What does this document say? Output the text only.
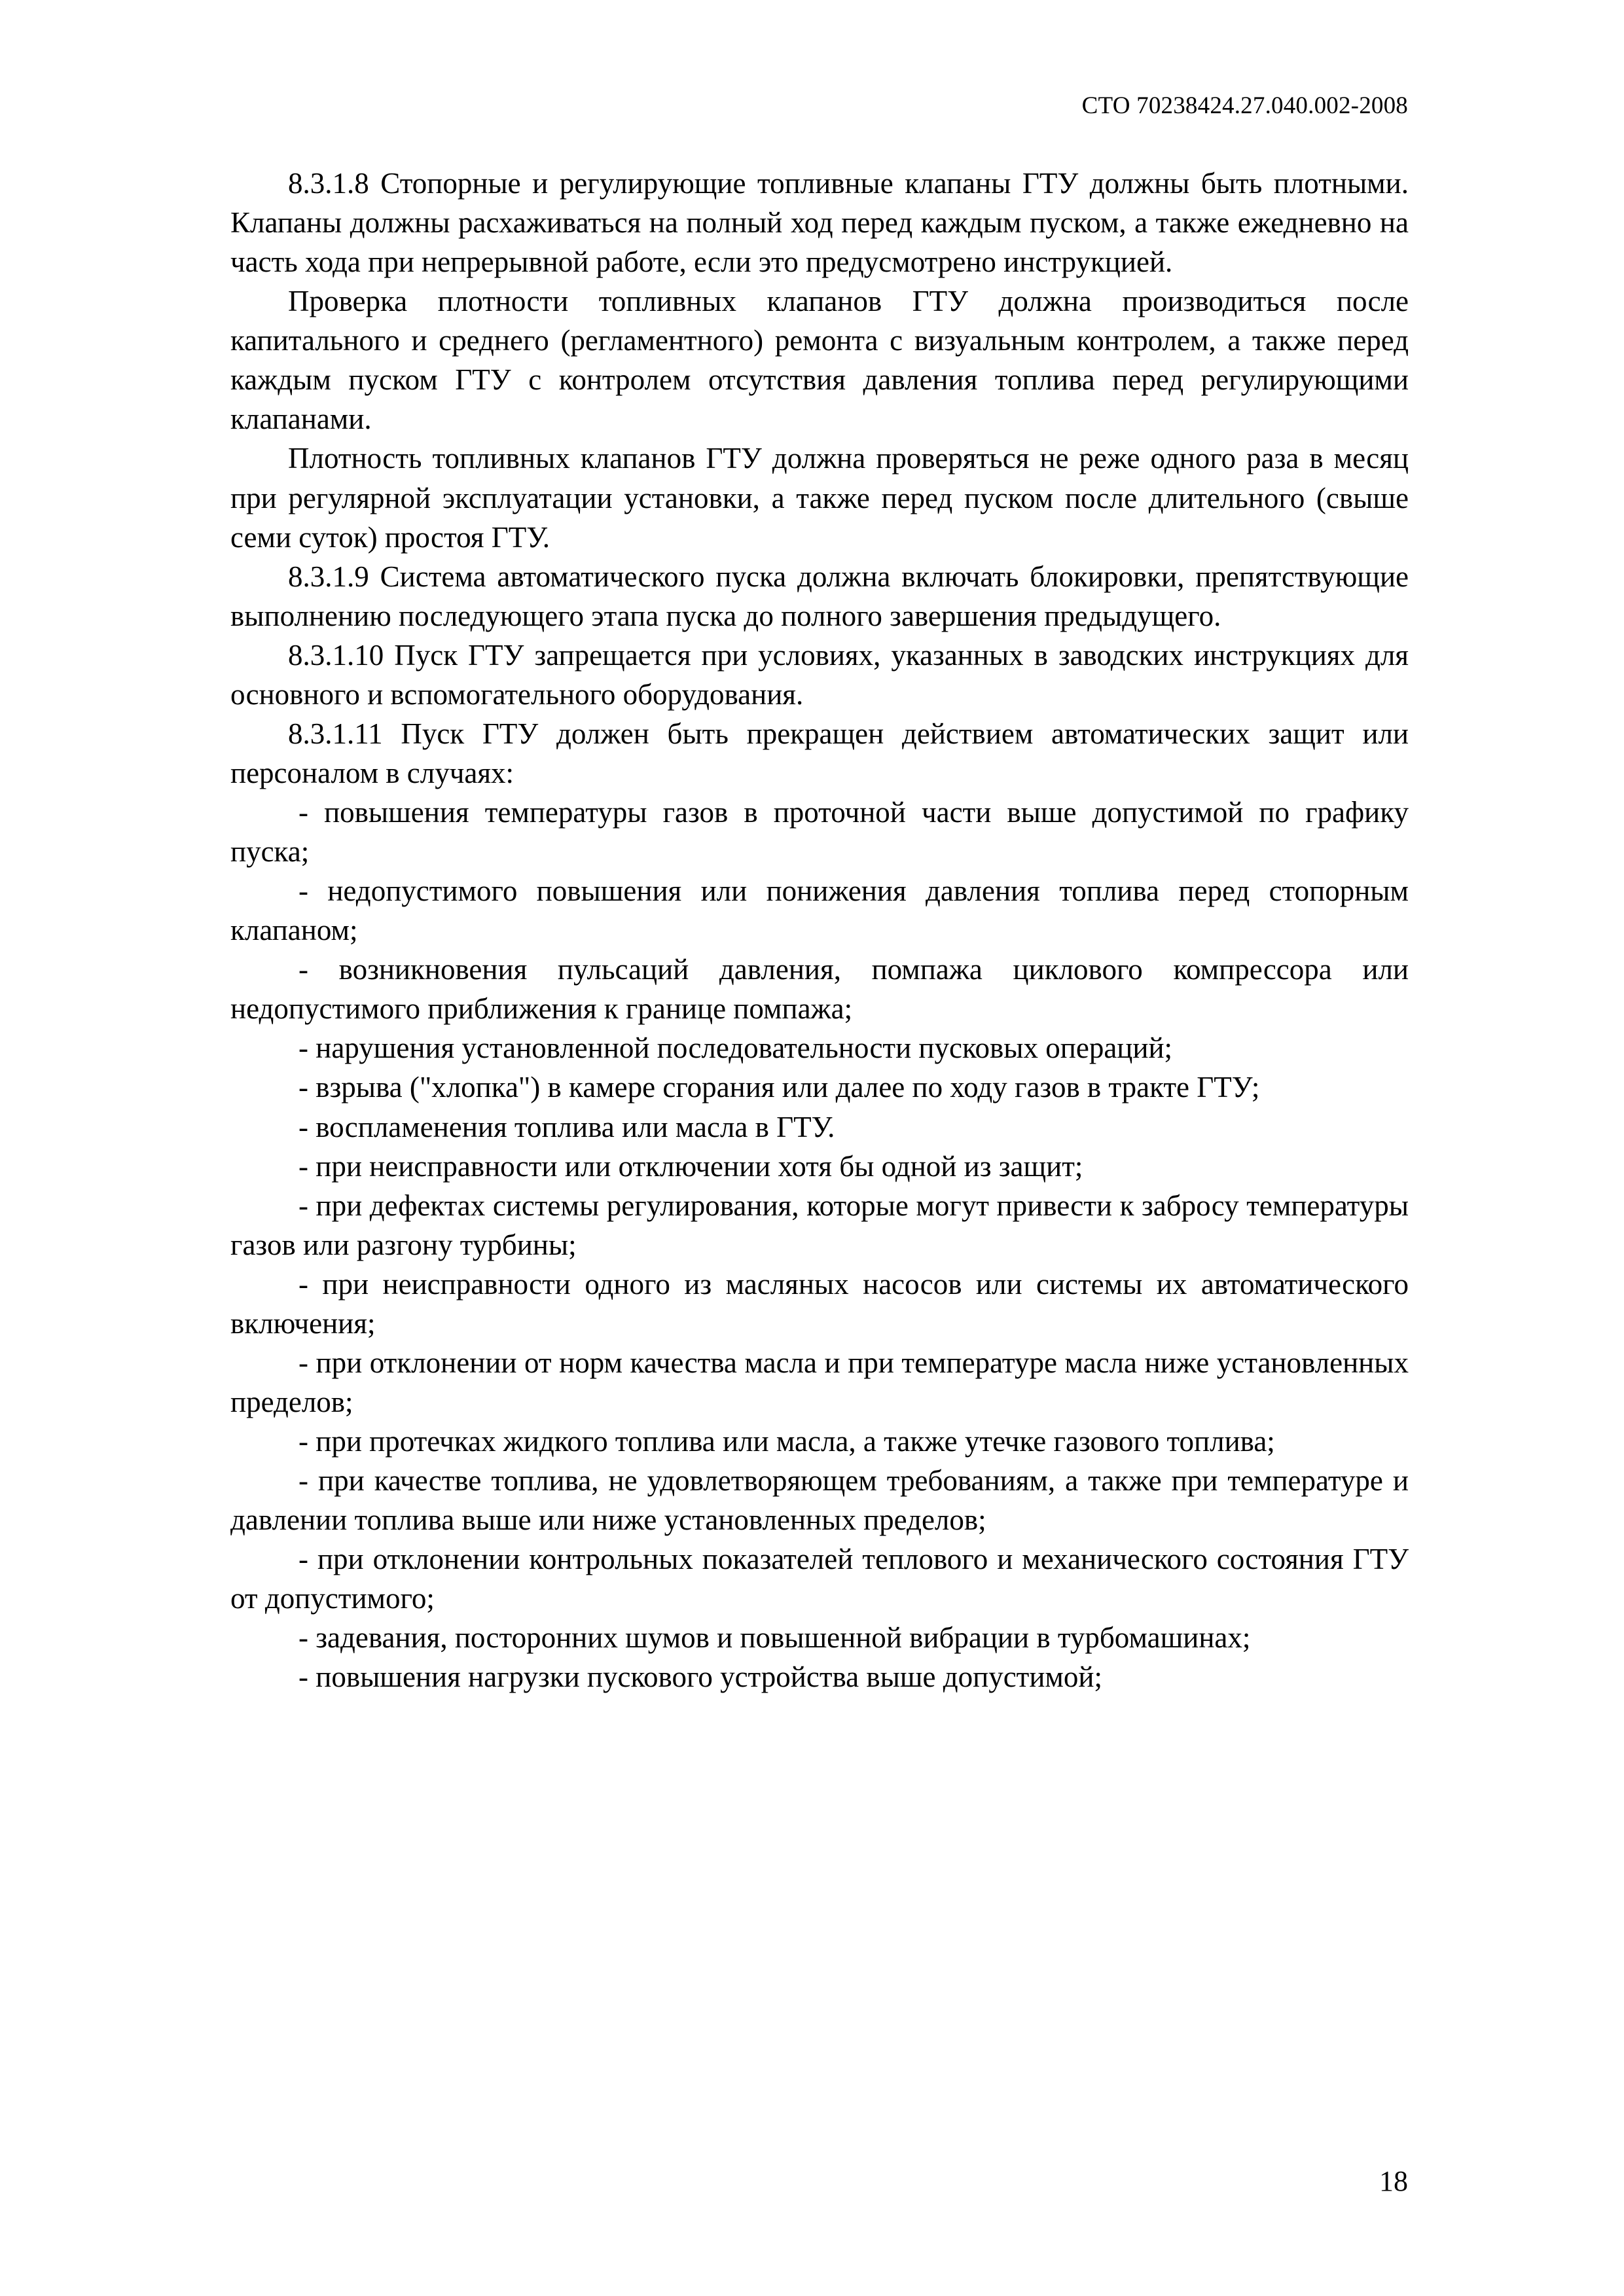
СТО 70238424.27.040.002-2008

8.3.1.8 Стопорные и регулирующие топливные клапаны ГТУ должны быть плотными. Клапаны должны расхаживаться на полный ход перед каждым пуском, а также ежедневно на часть хода при непрерывной работе, если это предусмотрено инструкцией.

Проверка плотности топливных клапанов ГТУ должна производиться после капитального и среднего (регламентного) ремонта с визуальным контролем, а также перед каждым пуском ГТУ с контролем отсутствия давления топлива перед регулирующими клапанами.

Плотность топливных клапанов ГТУ должна проверяться не реже одного раза в месяц при регулярной эксплуатации установки, а также перед пуском после длительного (свыше семи суток) простоя ГТУ.

8.3.1.9 Система автоматического пуска должна включать блокировки, препятствующие выполнению последующего этапа пуска до полного завершения предыдущего.

8.3.1.10 Пуск ГТУ запрещается при условиях, указанных в заводских инструкциях для основного и вспомогательного оборудования.

8.3.1.11 Пуск ГТУ должен быть прекращен действием автоматических защит или персоналом в случаях:

- повышения температуры газов в проточной части выше допустимой по графику пуска;

- недопустимого повышения или понижения давления топлива перед стопорным клапаном;

- возникновения пульсаций давления, помпажа циклового компрессора или недопустимого приближения к границе помпажа;

- нарушения установленной последовательности пусковых операций;

- взрыва ("хлопка") в камере сгорания или далее по ходу газов в тракте ГТУ;

- воспламенения топлива или масла в ГТУ.

- при неисправности или отключении хотя бы одной из защит;

- при дефектах системы регулирования, которые могут привести к забросу температуры газов или разгону турбины;

- при неисправности одного из масляных насосов или системы их автоматического включения;

- при отклонении от норм качества масла и при температуре масла ниже установленных пределов;

- при протечках жидкого топлива или масла, а также утечке газового топлива;

- при качестве топлива, не удовлетворяющем требованиям, а также при температуре и давлении топлива выше или ниже установленных пределов;

- при отклонении контрольных показателей теплового и механического состояния ГТУ от допустимого;

- задевания, посторонних шумов и повышенной вибрации в турбомашинах;

- повышения нагрузки пускового устройства выше допустимой;

18
